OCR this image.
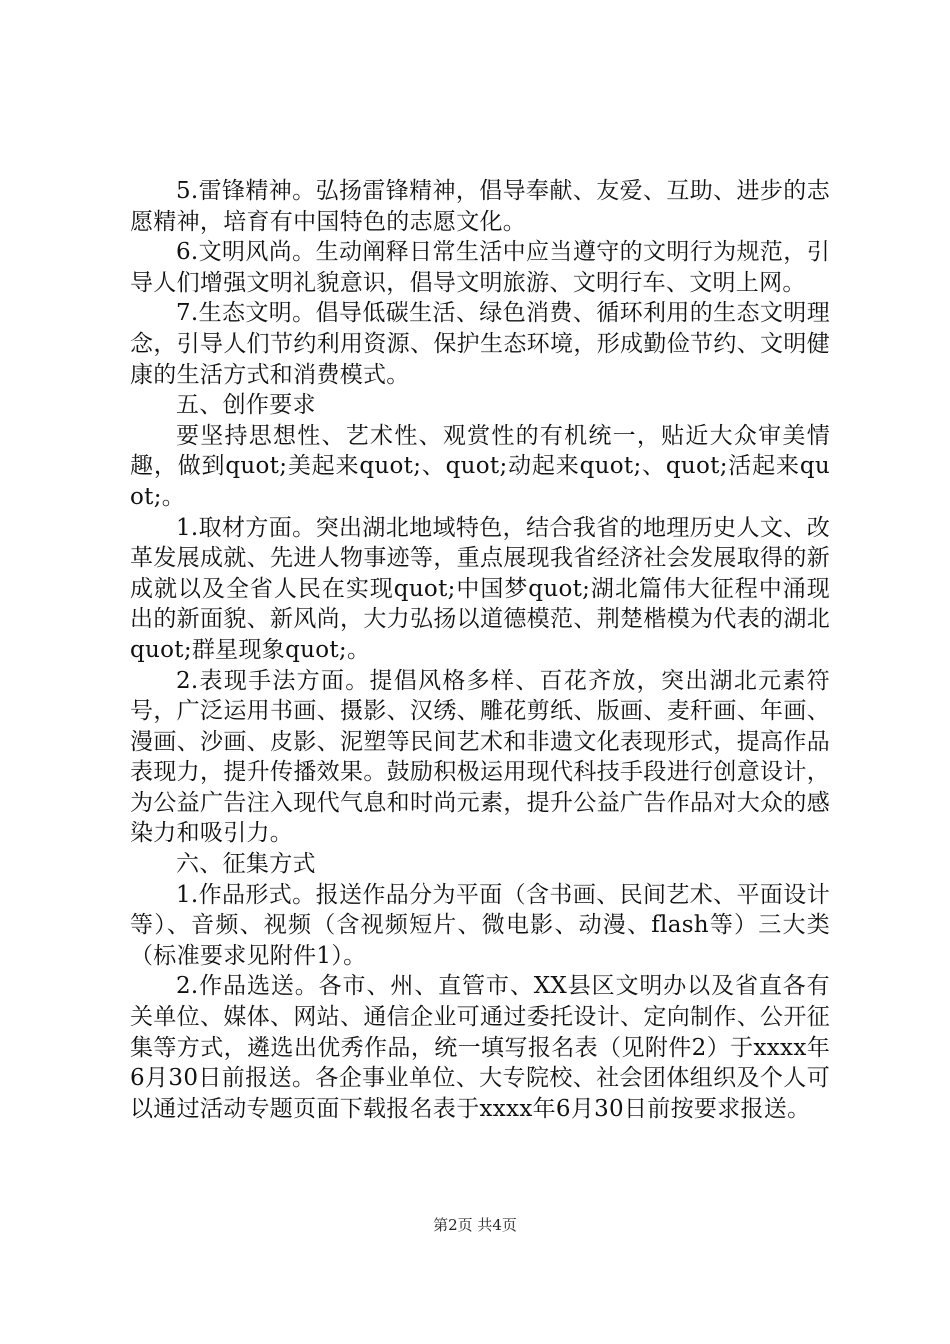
5.雷锋精神。弘扬雷锋精神，倡导奉献、友爱、互助、进步的志愿精神，培育有中国特色的志愿文化。

6.文明风尚。生动阐释日常生活中应当遵守的文明行为规范，引导人们增强文明礼貌意识，倡导文明旅游、文明行车、文明上网。

7.生态文明。倡导低碳生活、绿色消费、循环利用的生态文明理念，引导人们节约利用资源、保护生态环境，形成勤俭节约、文明健康的生活方式和消费模式。

五、创作要求

要坚持思想性、艺术性、观赏性的有机统一，贴近大众审美情趣，做到quot;美起来quot;、quot;动起来quot;、quot;活起来quot;。

1.取材方面。突出湖北地域特色，结合我省的地理历史人文、改革发展成就、先进人物事迹等，重点展现我省经济社会发展取得的新成就以及全省人民在实现quot;中国梦quot;湖北篇伟大征程中涌现出的新面貌、新风尚，大力弘扬以道德模范、荆楚楷模为代表的湖北quot;群星现象quot;。

2.表现手法方面。提倡风格多样、百花齐放，突出湖北元素符号，广泛运用书画、摄影、汉绣、雕花剪纸、版画、麦秆画、年画、漫画、沙画、皮影、泥塑等民间艺术和非遗文化表现形式，提高作品表现力，提升传播效果。鼓励积极运用现代科技手段进行创意设计，为公益广告注入现代气息和时尚元素，提升公益广告作品对大众的感染力和吸引力。

六、征集方式

1.作品形式。报送作品分为平面（含书画、民间艺术、平面设计等）、音频、视频（含视频短片、微电影、动漫、flash等）三大类（标准要求见附件1）。

2.作品选送。各市、州、直管市、XX县区文明办以及省直各有关单位、媒体、网站、通信企业可通过委托设计、定向制作、公开征集等方式，遴选出优秀作品，统一填写报名表（见附件2）于xxxx年6月30日前报送。各企事业单位、大专院校、社会团体组织及个人可以通过活动专题页面下载报名表于xxxx年6月30日前按要求报送。

第2页 共4页
